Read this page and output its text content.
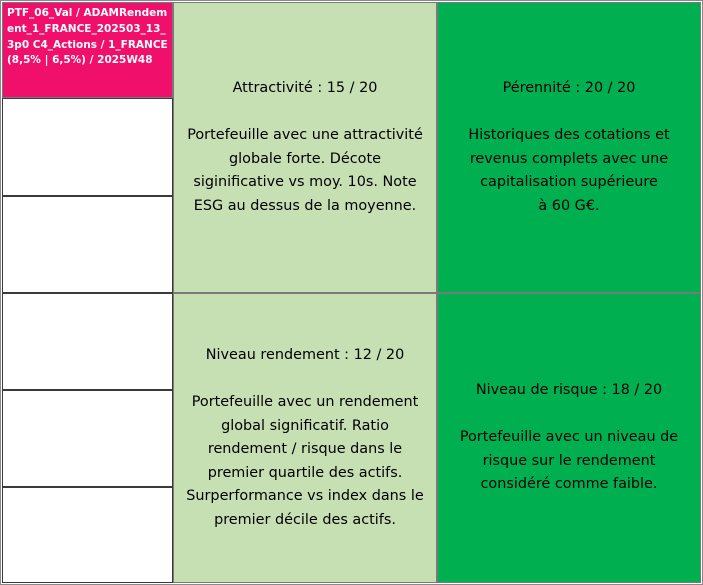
PTF_06_Val / ADAMRendement_1_FRANCE_202503_13_3p0 C4_Actions / 1_FRANCE (8,5% | 6,5%) / 2025W48

Attractivité : 15 / 20

Portefeuille avec une attractivité
globale forte. Décote
siginificative vs moy. 10s. Note
ESG au dessus de la moyenne.

Pérennité : 20 / 20

Historiques des cotations et
revenus complets avec une
capitalisation supérieure
à 60 G€.

Niveau rendement : 12 / 20

Portefeuille avec un rendement
global significatif. Ratio
rendement / risque dans le
premier quartile des actifs.
Surperformance vs index dans le
premier décile des actifs.

Niveau de risque : 18 / 20

Portefeuille avec un niveau de
risque sur le rendement
considéré comme faible.
